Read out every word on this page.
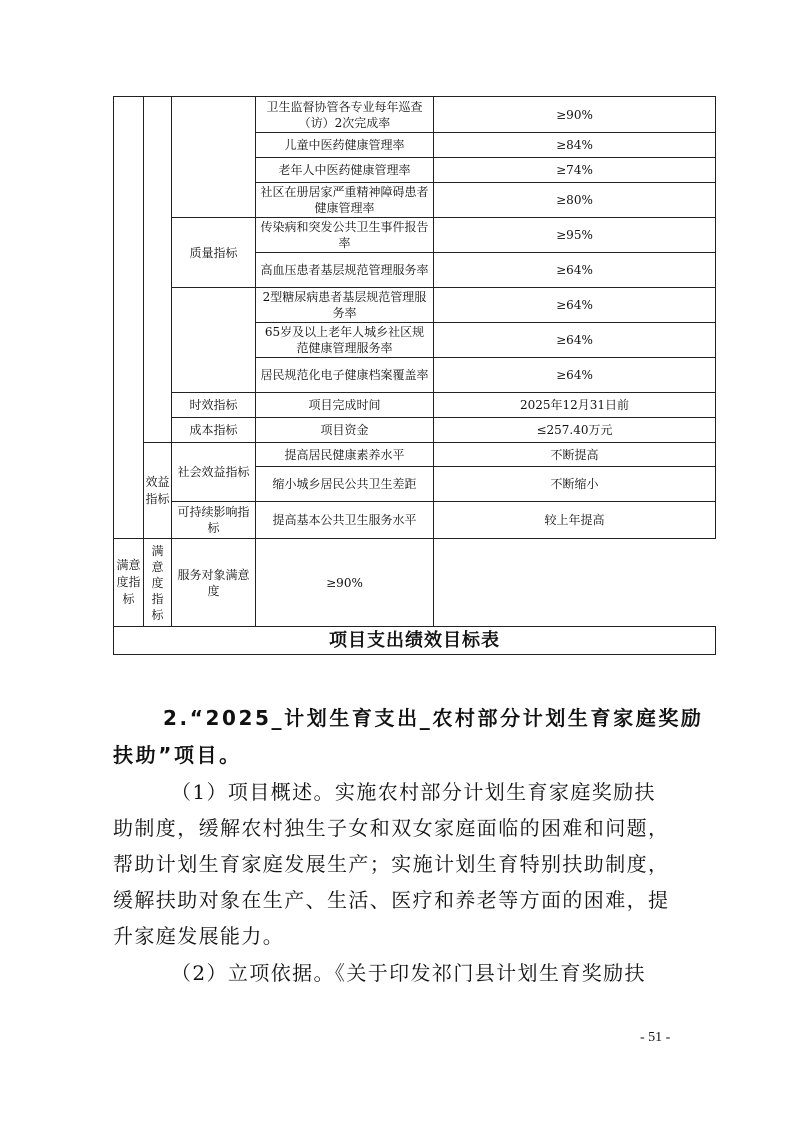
			卫生监督协管各专业每年巡查（访）2次完成率	≥90%
			儿童中医药健康管理率	≥84%
			老年人中医药健康管理率	≥74%
			社区在册居家严重精神障碍患者健康管理率	≥80%
		质量指标	传染病和突发公共卫生事件报告率	≥95%
			高血压患者基层规范管理服务率	≥64%
			2型糖尿病患者基层规范管理服务率	≥64%
			65岁及以上老年人城乡社区规范健康管理服务率	≥64%
			居民规范化电子健康档案覆盖率	≥64%
		时效指标	项目完成时间	2025年12月31日前
		成本指标	项目资金	≤257.40万元
	效益指标	社会效益指标	提高居民健康素养水平	不断提高
			缩小城乡居民公共卫生差距	不断缩小
		可持续影响指标	提高基本公共卫生服务水平	较上年提高
满意度指标	满意度指标	服务对象满意度	≥90%	
项目支出绩效目标表				

2.“2025_计划生育支出_农村部分计划生育家庭奖励扶助”项目。

（1）项目概述。实施农村部分计划生育家庭奖励扶助制度，缓解农村独生子女和双女家庭面临的困难和问题，帮助计划生育家庭发展生产；实施计划生育特别扶助制度，缓解扶助对象在生产、生活、医疗和养老等方面的困难，提升家庭发展能力。

（2）立项依据。《关于印发祁门县计划生育奖励扶

- 51 -
